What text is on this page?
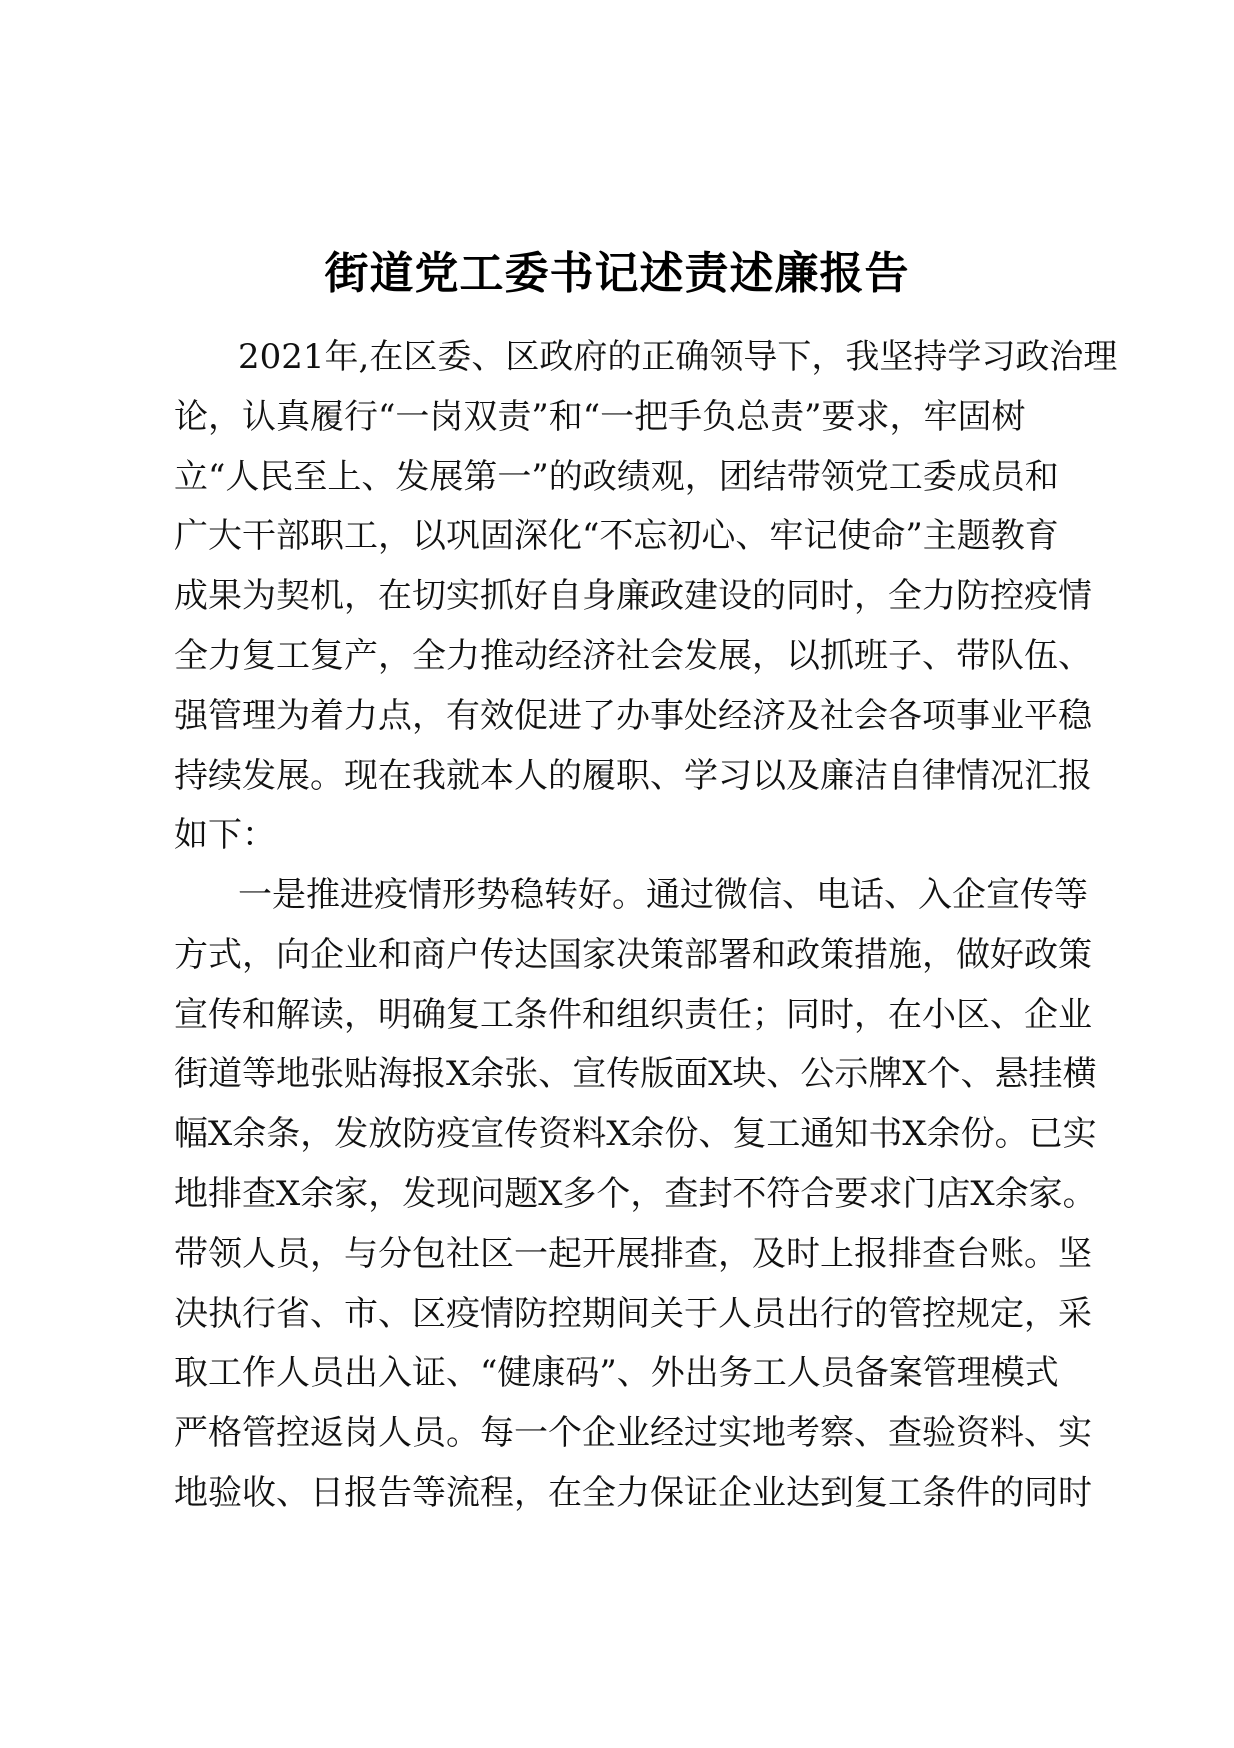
街道党工委书记述责述廉报告
2021年,在区委、区政府的正确领导下，我坚持学习政治理
论，认真履行“一岗双责”和“一把手负总责”要求，牢固树
立“人民至上、发展第一”的政绩观，团结带领党工委成员和
广大干部职工，以巩固深化“不忘初心、牢记使命”主题教育
成果为契机，在切实抓好自身廉政建设的同时，全力防控疫情
全力复工复产，全力推动经济社会发展，以抓班子、带队伍、
强管理为着力点，有效促进了办事处经济及社会各项事业平稳
持续发展。现在我就本人的履职、学习以及廉洁自律情况汇报
如下：
一是推进疫情形势稳转好。通过微信、电话、入企宣传等
方式，向企业和商户传达国家决策部署和政策措施，做好政策
宣传和解读，明确复工条件和组织责任；同时，在小区、企业
街道等地张贴海报X余张、宣传版面X块、公示牌X个、悬挂横
幅X余条，发放防疫宣传资料X余份、复工通知书X余份。已实
地排查X余家，发现问题X多个，查封不符合要求门店X余家。
带领人员，与分包社区一起开展排查，及时上报排查台账。坚
决执行省、市、区疫情防控期间关于人员出行的管控规定，采
取工作人员出入证、“健康码”、外出务工人员备案管理模式
严格管控返岗人员。每一个企业经过实地考察、查验资料、实
地验收、日报告等流程，在全力保证企业达到复工条件的同时
